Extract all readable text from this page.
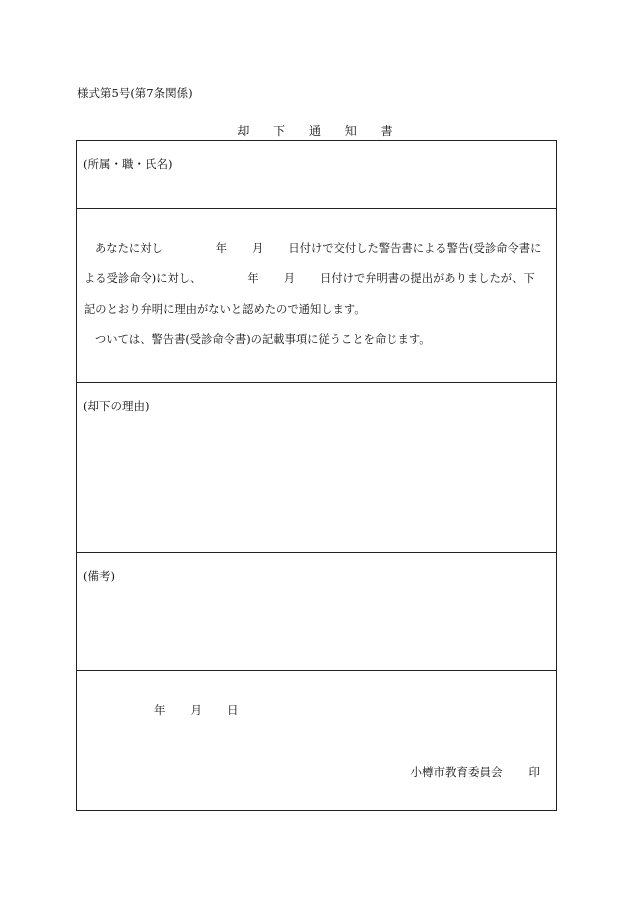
様式第5号(第7条関係)
却 下 通 知 書
(所属・職・氏名)
あなたに対し	年 月 日付けで交付した警告書による警告(受診命令書に
よる受診命令)に対し、	年 月 日付けで弁明書の提出がありましたが、下
記のとおり弁明に理由がないと認めたので通知します。
ついては、警告書(受診命令書)の記載事項に従うことを命じます。
(却下の理由)
(備考)
年 月 日
小樽市教育委員会 印
